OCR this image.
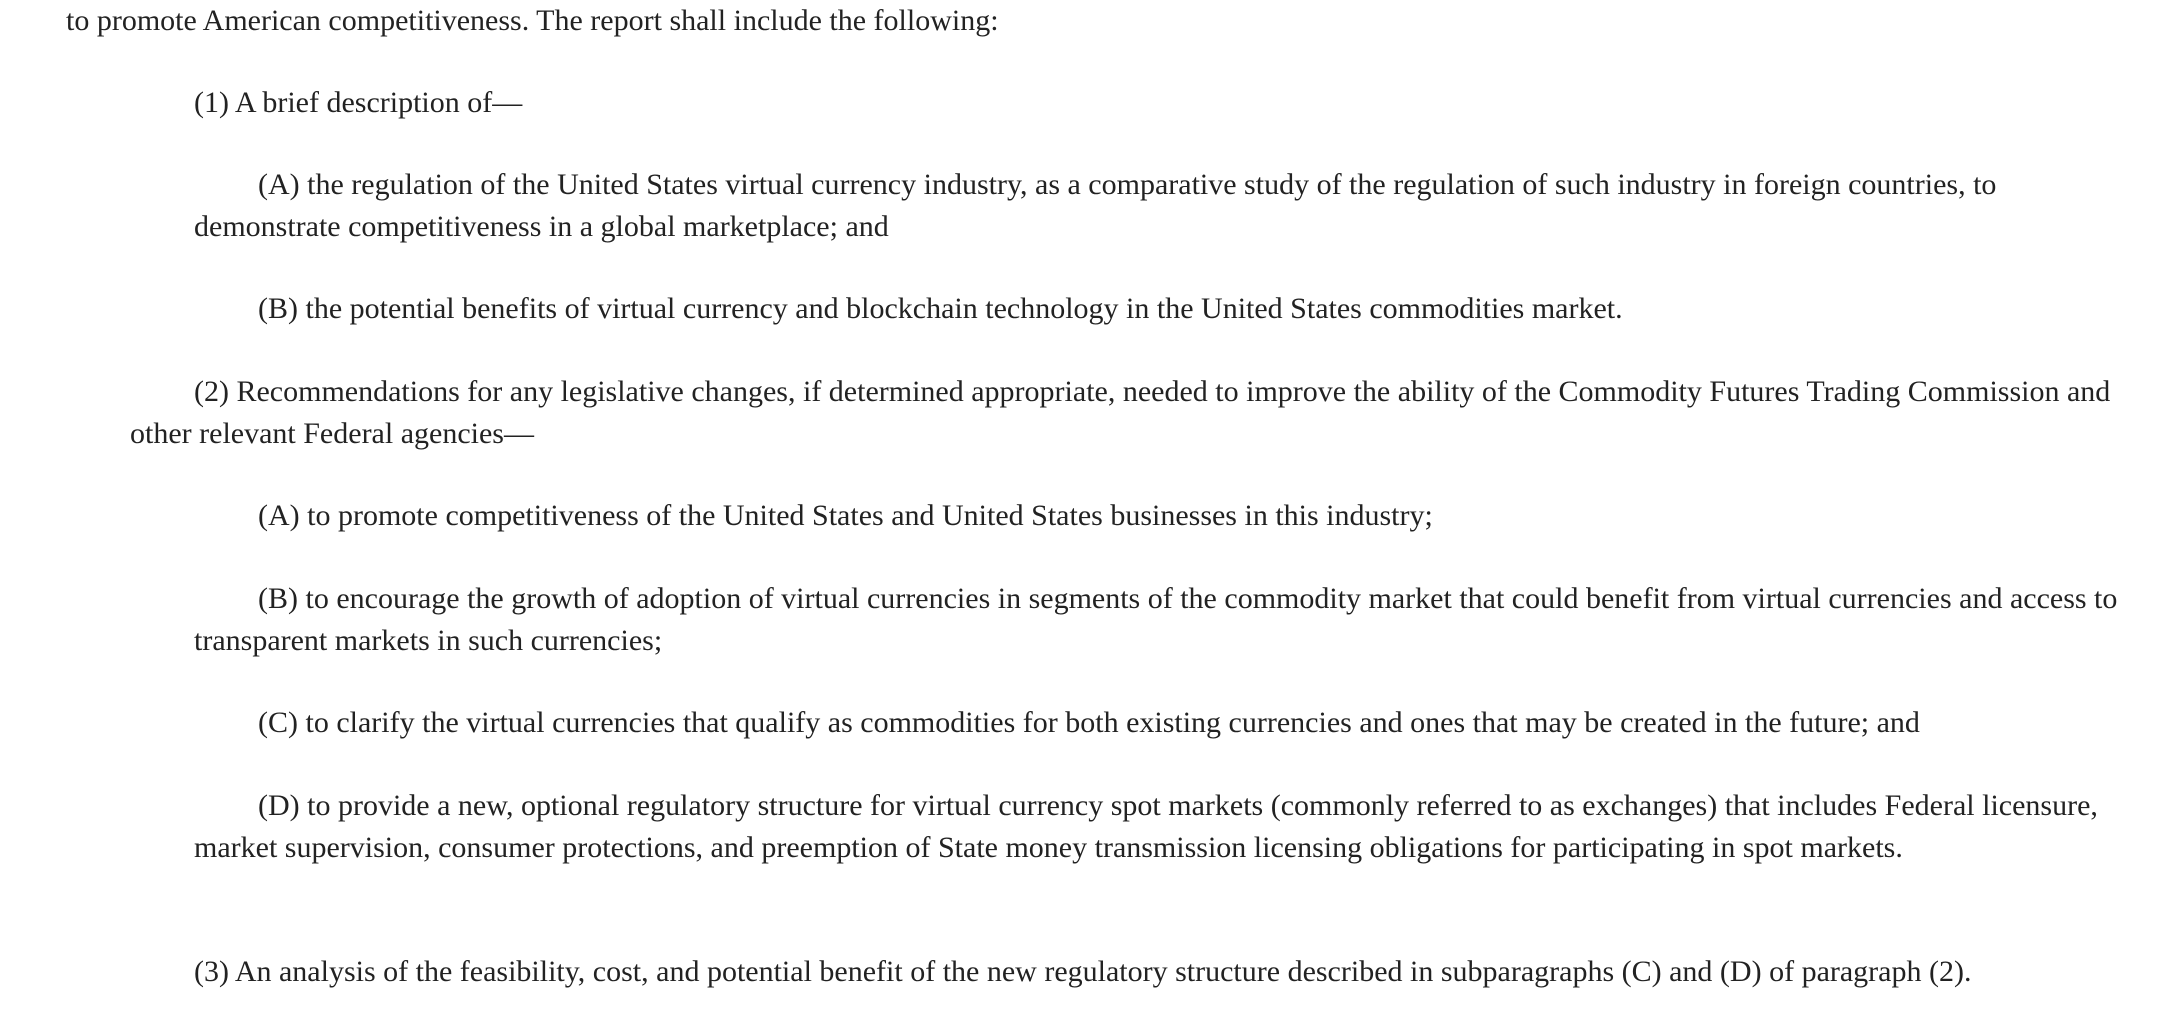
to promote American competitiveness. The report shall include the following:

(1) A brief description of—

(A) the regulation of the United States virtual currency industry, as a comparative study of the regulation of such industry in foreign countries, to demonstrate competitiveness in a global marketplace; and

(B) the potential benefits of virtual currency and blockchain technology in the United States commodities market.

(2) Recommendations for any legislative changes, if determined appropriate, needed to improve the ability of the Commodity Futures Trading Commission and other relevant Federal agencies—

(A) to promote competitiveness of the United States and United States businesses in this industry;

(B) to encourage the growth of adoption of virtual currencies in segments of the commodity market that could benefit from virtual currencies and access to transparent markets in such currencies;

(C) to clarify the virtual currencies that qualify as commodities for both existing currencies and ones that may be created in the future; and

(D) to provide a new, optional regulatory structure for virtual currency spot markets (commonly referred to as exchanges) that includes Federal licensure, market supervision, consumer protections, and preemption of State money transmission licensing obligations for participating in spot markets.

(3) An analysis of the feasibility, cost, and potential benefit of the new regulatory structure described in subparagraphs (C) and (D) of paragraph (2).
